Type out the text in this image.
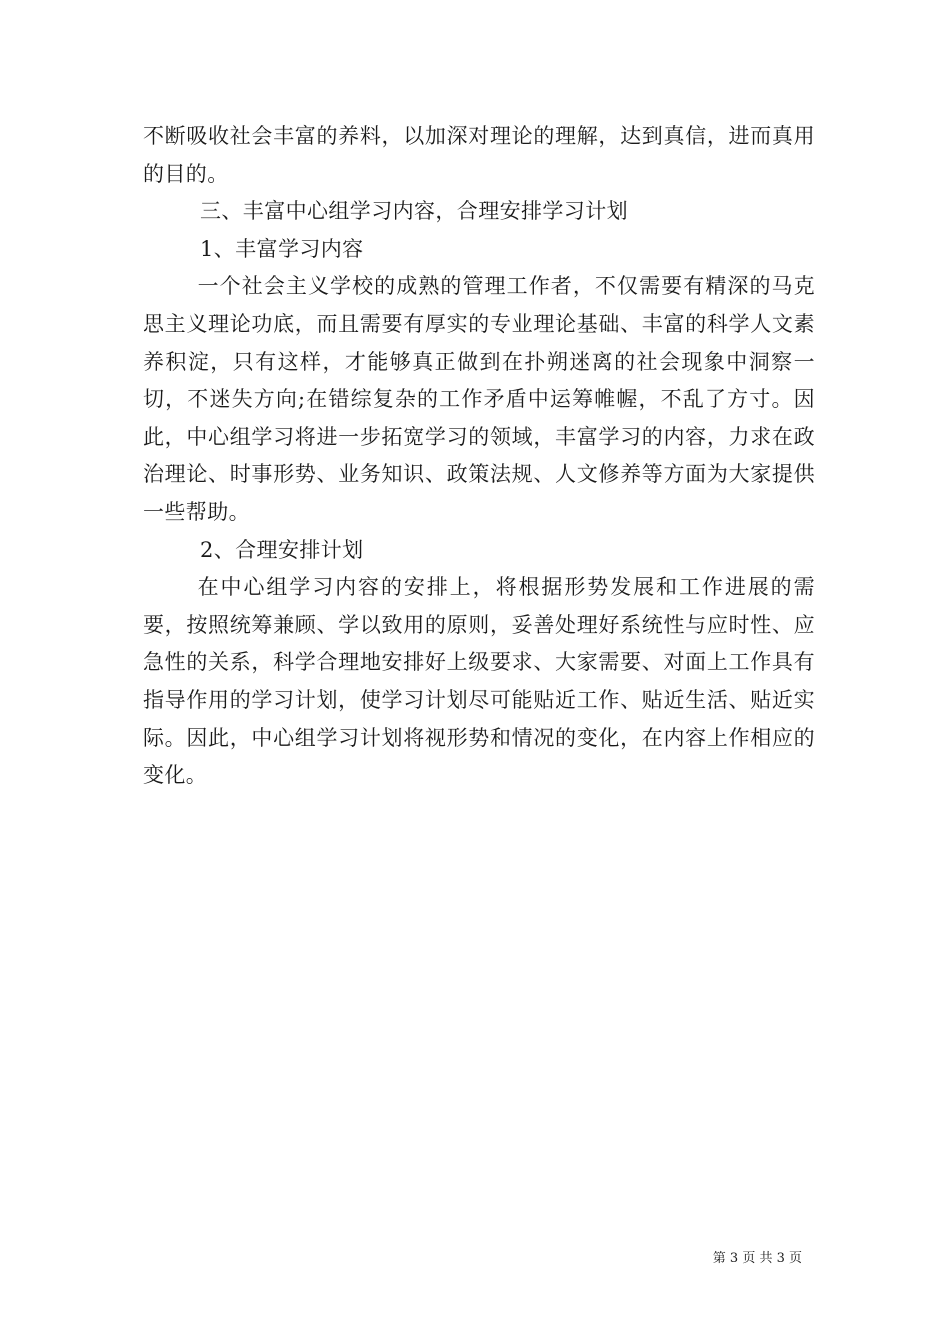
不断吸收社会丰富的养料，以加深对理论的理解，达到真信，进而真用的目的。

三、丰富中心组学习内容，合理安排学习计划

1、丰富学习内容

一个社会主义学校的成熟的管理工作者，不仅需要有精深的马克思主义理论功底，而且需要有厚实的专业理论基础、丰富的科学人文素养积淀，只有这样，才能够真正做到在扑朔迷离的社会现象中洞察一切，不迷失方向;在错综复杂的工作矛盾中运筹帷幄，不乱了方寸。因此，中心组学习将进一步拓宽学习的领域，丰富学习的内容，力求在政治理论、时事形势、业务知识、政策法规、人文修养等方面为大家提供一些帮助。

2、合理安排计划

在中心组学习内容的安排上，将根据形势发展和工作进展的需要，按照统筹兼顾、学以致用的原则，妥善处理好系统性与应时性、应急性的关系，科学合理地安排好上级要求、大家需要、对面上工作具有指导作用的学习计划，使学习计划尽可能贴近工作、贴近生活、贴近实际。因此，中心组学习计划将视形势和情况的变化，在内容上作相应的变化。

第 3 页 共 3 页
